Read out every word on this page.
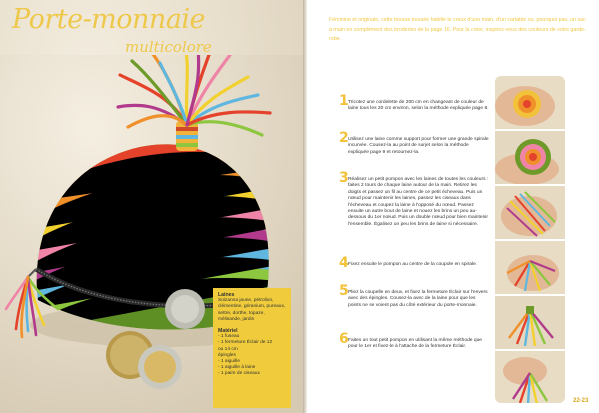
Porte-monnaie
multicolore
Laines
Soizanna jaune, pétrolion, clémentine, géranium, pureaux, settre, dorthe, topaze, mélisande, jardin
Matériel
- 1 fuseau
- 1 fermeture Éclair de 12
ou 14 cm
épingles
- 1 aiguille
- 1 aiguille à laine
- 1 paire de ciseaux
Féminine et originale, cette bourse tressée habille le creux d'une main, d'un cartable ou, pourquoi pas, un sac à main en complément des broderies de la page 16. Pour la créer, inspirez-vous des couleurs de votre garde-robe.
1 Tricotez une cordelette de 200 cm en changeant de couleur de laine tous les 20 cm environ, selon la méthode expliquée page 8.
2 Utilisez une laine comme support pour former une grande spirale incurvée. Cousez-la au point de surjet selon la méthode expliquée page 9 et retournez-la.
3 Réalisez un petit pompon avec les laines de toutes les couleurs : faites 2 tours de chaque laine autour de la main. Retirez les doigts et passez un fil au centre de ce petit écheveau. Puis un nœud pour maintenir les laines, passez les ciseaux dans l'écheveau et coupez la laine à l'opposé du nœud. Passez ensuite un autre bout de laine et nouez les brins un peu au-dessous du 1er nœud. Puis un double nœud pour bien maintenir l'ensemble. Égalisez un peu les brins de laine si nécessaire.
4 Fixez ensuite le pompon au centre de la coupole en spirale.
5 Pliez la coupelle en deux, et fixez la fermeture Éclair sur l'envers avec des épingles. Cousez-la avec de la laine pour que les points ne se voient pas du côté extérieur du porte-monnaie.
6 Faites un tout petit pompon en utilisant la même méthode que pour le 1er et fixez-le à l'attache de la fermeture Éclair.
22-23
